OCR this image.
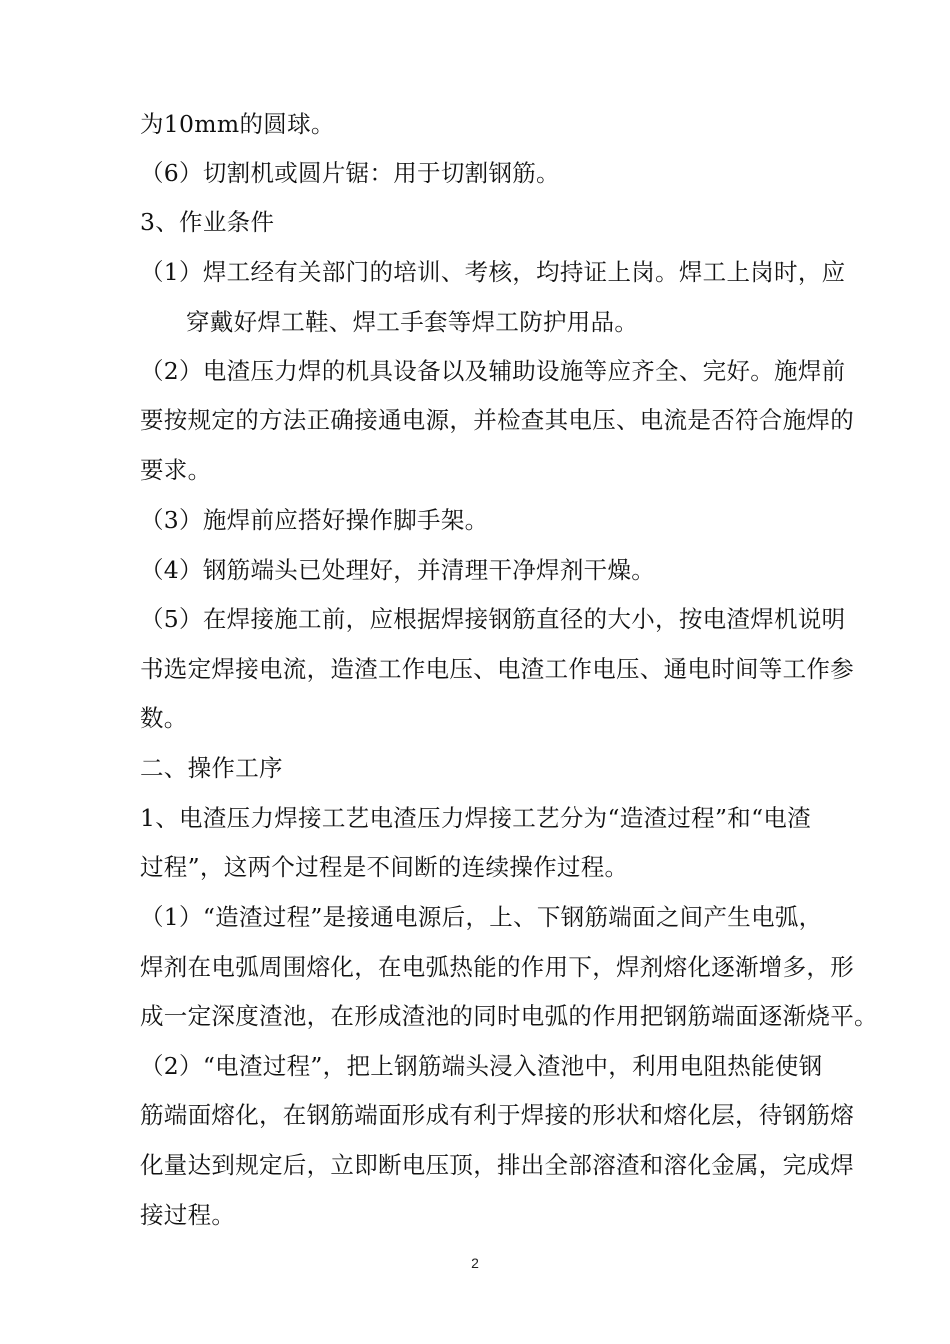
为10mm的圆球。
（6）切割机或圆片锯：用于切割钢筋。
3、作业条件
（1）焊工经有关部门的培训、考核，均持证上岗。焊工上岗时，应
穿戴好焊工鞋、焊工手套等焊工防护用品。
（2）电渣压力焊的机具设备以及辅助设施等应齐全、完好。施焊前
要按规定的方法正确接通电源，并检查其电压、电流是否符合施焊的
要求。
（3）施焊前应搭好操作脚手架。
（4）钢筋端头已处理好，并清理干净焊剂干燥。
（5）在焊接施工前，应根据焊接钢筋直径的大小，按电渣焊机说明
书选定焊接电流，造渣工作电压、电渣工作电压、通电时间等工作参
数。
二、操作工序
1、电渣压力焊接工艺电渣压力焊接工艺分为“造渣过程”和“电渣
过程”，这两个过程是不间断的连续操作过程。
（1）“造渣过程”是接通电源后，上、下钢筋端面之间产生电弧，
焊剂在电弧周围熔化，在电弧热能的作用下，焊剂熔化逐渐增多，形
成一定深度渣池，在形成渣池的同时电弧的作用把钢筋端面逐渐烧平。
（2）“电渣过程”，把上钢筋端头浸入渣池中，利用电阻热能使钢
筋端面熔化，在钢筋端面形成有利于焊接的形状和熔化层，待钢筋熔
化量达到规定后，立即断电压顶，排出全部溶渣和溶化金属，完成焊
接过程。
2
